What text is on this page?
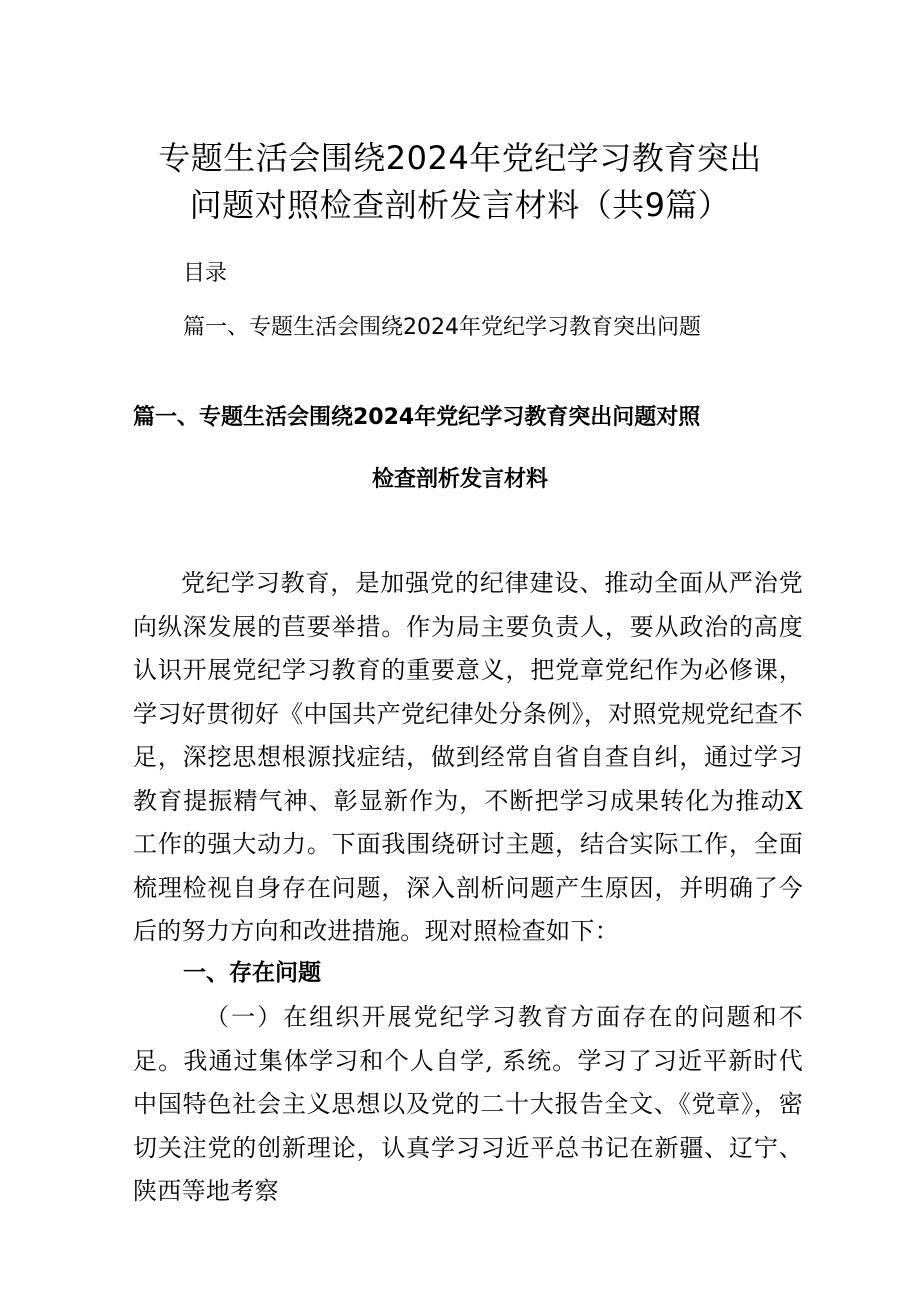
专题生活会围绕2024年党纪学习教育突出
问题对照检查剖析发言材料（共9篇）
目录
篇一、专题生活会围绕2024年党纪学习教育突出问题
篇一、专题生活会围绕2024年党纪学习教育突出问题对照
检查剖析发言材料
党纪学习教育，是加强党的纪律建设、推动全面从严治党向纵深发展的苣要举措。作为局主要负责人，要从政治的高度认识开展党纪学习教育的重要意义，把党章党纪作为必修课，学习好贯彻好《中国共产党纪律处分条例》，对照党规党纪查不足，深挖思想根源找症结，做到经常自省自查自纠，通过学习教育提振精气神、彰显新作为，不断把学习成果转化为推动X工作的强大动力。下面我围绕研讨主题，结合实际工作，全面梳理检视自身存在问题，深入剖析问题产生原因，并明确了今后的努力方向和改进措施。现对照检查如下：
一、存在问题
（一）在组织开展党纪学习教育方面存在的问题和不足。我通过集体学习和个人自学, 系统。学习了习近平新时代中国特色社会主义思想以及党的二十大报告全文、《党章》，密切关注党的创新理论，认真学习习近平总书记在新疆、辽宁、陕西等地考察
